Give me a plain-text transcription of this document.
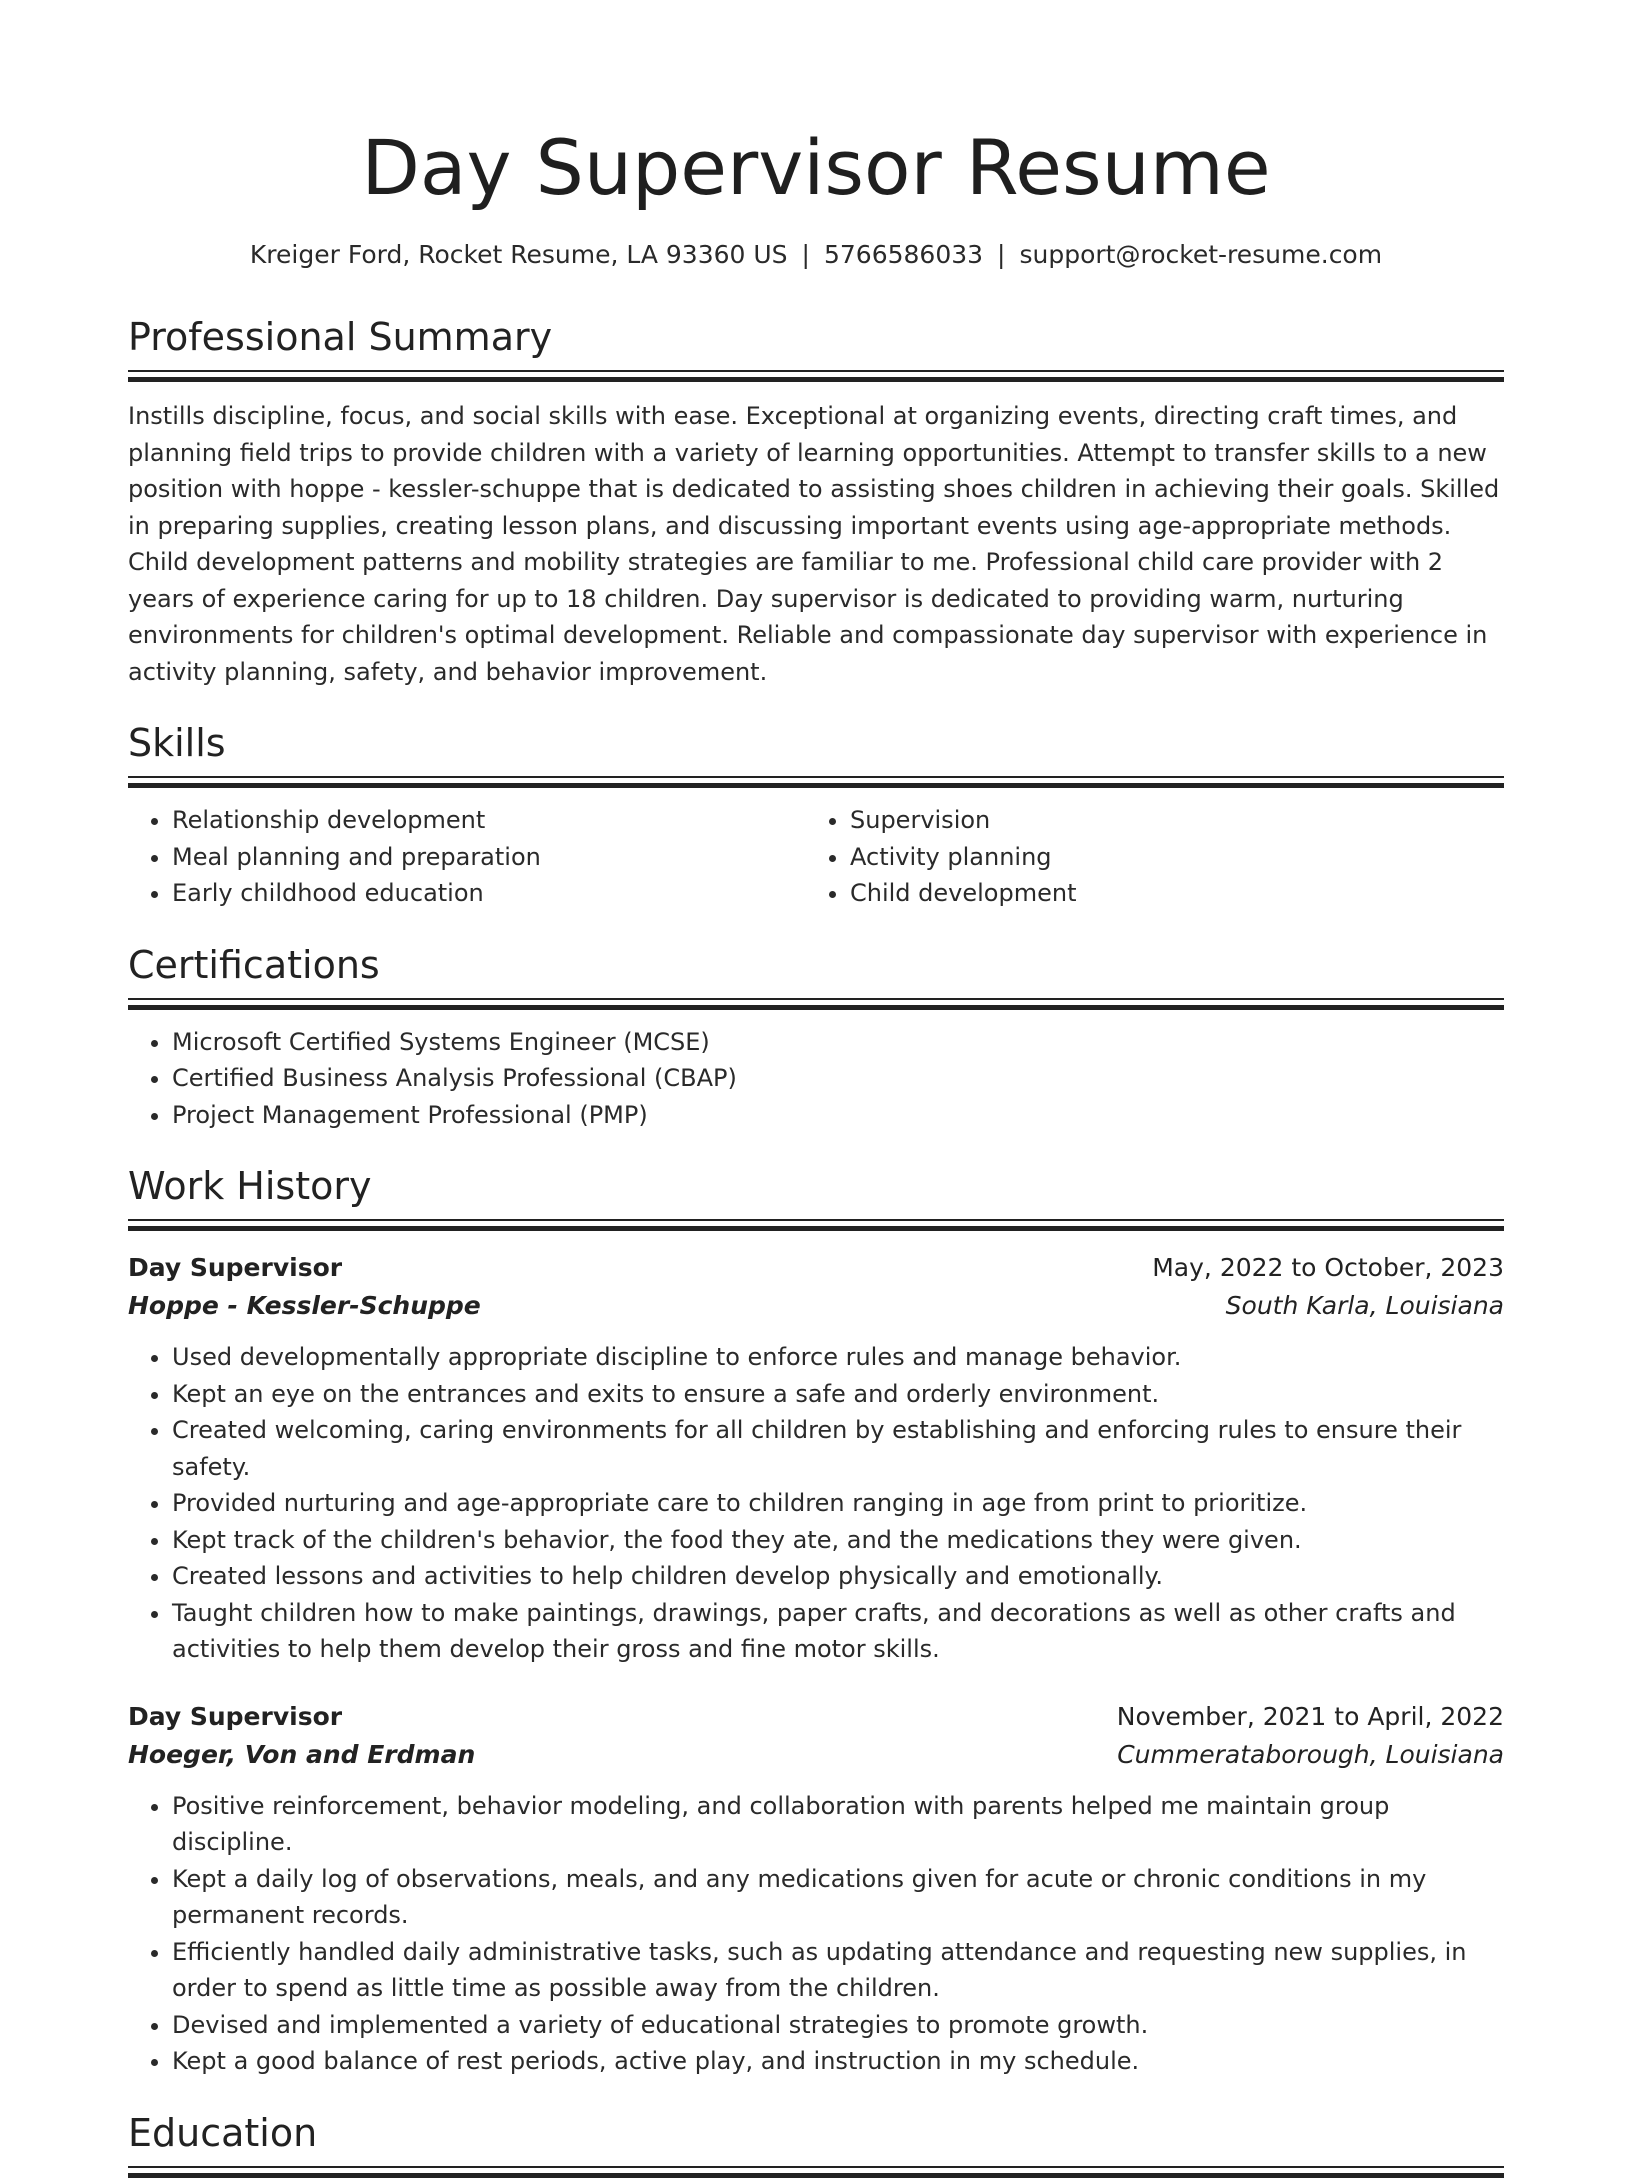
Day Supervisor Resume
Kreiger Ford, Rocket Resume, LA 93360 US | 5766586033 | support@rocket-resume.com
Professional Summary
Instills discipline, focus, and social skills with ease. Exceptional at organizing events, directing craft times, and planning field trips to provide children with a variety of learning opportunities. Attempt to transfer skills to a new position with hoppe - kessler-schuppe that is dedicated to assisting shoes children in achieving their goals. Skilled in preparing supplies, creating lesson plans, and discussing important events using age-appropriate methods. Child development patterns and mobility strategies are familiar to me. Professional child care provider with 2 years of experience caring for up to 18 children. Day supervisor is dedicated to providing warm, nurturing environments for children's optimal development. Reliable and compassionate day supervisor with experience in activity planning, safety, and behavior improvement.
Skills
• Relationship development
• Meal planning and preparation
• Early childhood education
• Supervision
• Activity planning
• Child development
Certifications
• Microsoft Certified Systems Engineer (MCSE)
• Certified Business Analysis Professional (CBAP)
• Project Management Professional (PMP)
Work History
Day Supervisor	May, 2022 to October, 2023
Hoppe - Kessler-Schuppe	South Karla, Louisiana
• Used developmentally appropriate discipline to enforce rules and manage behavior.
• Kept an eye on the entrances and exits to ensure a safe and orderly environment.
• Created welcoming, caring environments for all children by establishing and enforcing rules to ensure their safety.
• Provided nurturing and age-appropriate care to children ranging in age from print to prioritize.
• Kept track of the children's behavior, the food they ate, and the medications they were given.
• Created lessons and activities to help children develop physically and emotionally.
• Taught children how to make paintings, drawings, paper crafts, and decorations as well as other crafts and activities to help them develop their gross and fine motor skills.
Day Supervisor	November, 2021 to April, 2022
Hoeger, Von and Erdman	Cummerataborough, Louisiana
• Positive reinforcement, behavior modeling, and collaboration with parents helped me maintain group discipline.
• Kept a daily log of observations, meals, and any medications given for acute or chronic conditions in my permanent records.
• Efficiently handled daily administrative tasks, such as updating attendance and requesting new supplies, in order to spend as little time as possible away from the children.
• Devised and implemented a variety of educational strategies to promote growth.
• Kept a good balance of rest periods, active play, and instruction in my schedule.
Education
